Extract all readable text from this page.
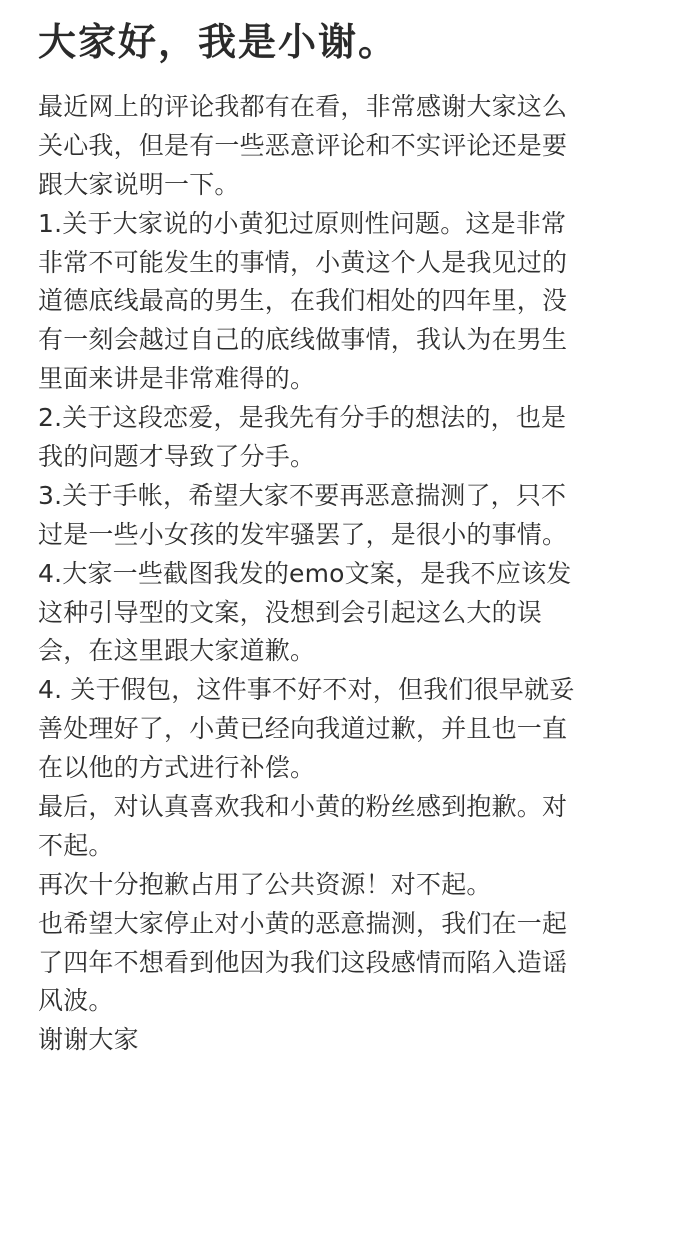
大家好，我是小谢。
最近网上的评论我都有在看，非常感谢大家这么
关心我，但是有一些恶意评论和不实评论还是要
跟大家说明一下。
1.关于大家说的小黄犯过原则性问题。这是非常
非常不可能发生的事情，小黄这个人是我见过的
道德底线最高的男生，在我们相处的四年里，没
有一刻会越过自己的底线做事情，我认为在男生
里面来讲是非常难得的。
2.关于这段恋爱，是我先有分手的想法的，也是
我的问题才导致了分手。
3.关于手帐，希望大家不要再恶意揣测了，只不
过是一些小女孩的发牢骚罢了，是很小的事情。
4.大家一些截图我发的emo文案，是我不应该发
这种引导型的文案，没想到会引起这么大的误
会，在这里跟大家道歉。
4. 关于假包，这件事不好不对，但我们很早就妥
善处理好了，小黄已经向我道过歉，并且也一直
在以他的方式进行补偿。
最后，对认真喜欢我和小黄的粉丝感到抱歉。对
不起。
再次十分抱歉占用了公共资源！对不起。
也希望大家停止对小黄的恶意揣测，我们在一起
了四年不想看到他因为我们这段感情而陷入造谣
风波。
谢谢大家
